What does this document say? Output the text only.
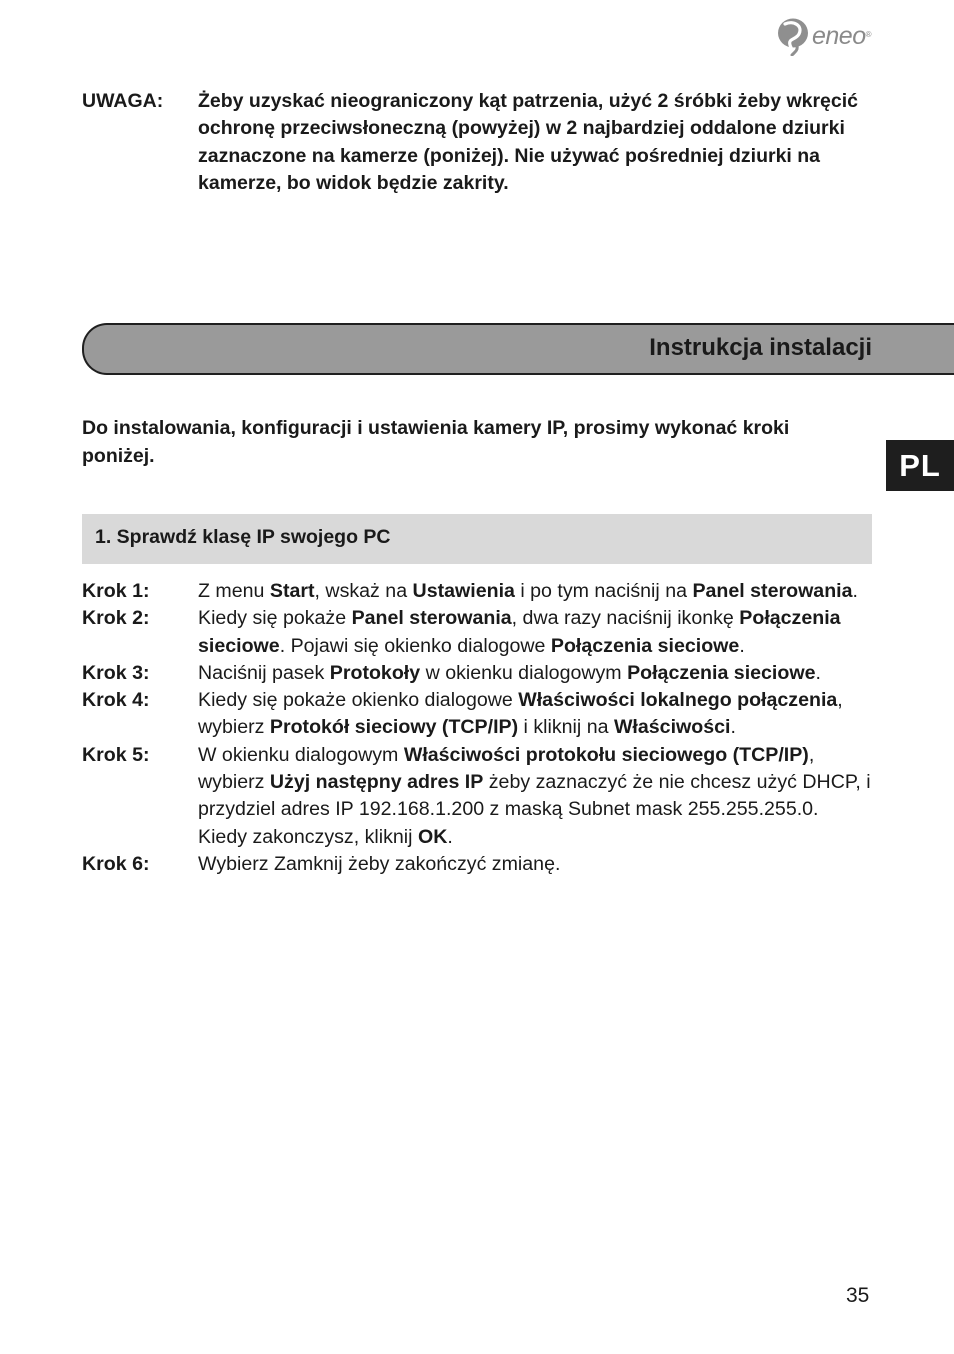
eneo ®
UWAGA: Żeby uzyskać nieograniczony kąt patrzenia, użyć 2 śróbki żeby wkręcić ochronę przeciwsłoneczną (powyżej) w 2 najbardziej oddalone dziurki zaznaczone na kamerze (poniżej). Nie używać pośredniej dziurki na kamerze, bo widok będzie zakrity.
Instrukcja instalacji
Do instalowania, konfiguracji i ustawienia kamery IP, prosimy wykonać kroki poniżej.	PL
1. Sprawdź klasę IP swojego PC
Krok 1: Z menu Start, wskaż na Ustawienia i po tym naciśnij na Panel sterowania.
Krok 2: Kiedy się pokaże Panel sterowania, dwa razy naciśnij ikonkę Połączenia sieciowe. Pojawi się okienko dialogowe Połączenia sieciowe.
Krok 3: Naciśnij pasek Protokoły w okienku dialogowym Połączenia sieciowe.
Krok 4: Kiedy się pokaże okienko dialogowe Właściwości lokalnego połączenia, wybierz Protokół sieciowy (TCP/IP) i kliknij na Właściwości.
Krok 5: W okienku dialogowym Właściwości protokołu sieciowego (TCP/IP), wybierz Użyj następny adres IP żeby zaznaczyć że nie chcesz użyć DHCP, i przydziel adres IP 192.168.1.200 z maską Subnet mask 255.255.255.0. Kiedy zakonczysz, kliknij OK.
Krok 6: Wybierz Zamknij żeby zakończyć zmianę.
35
